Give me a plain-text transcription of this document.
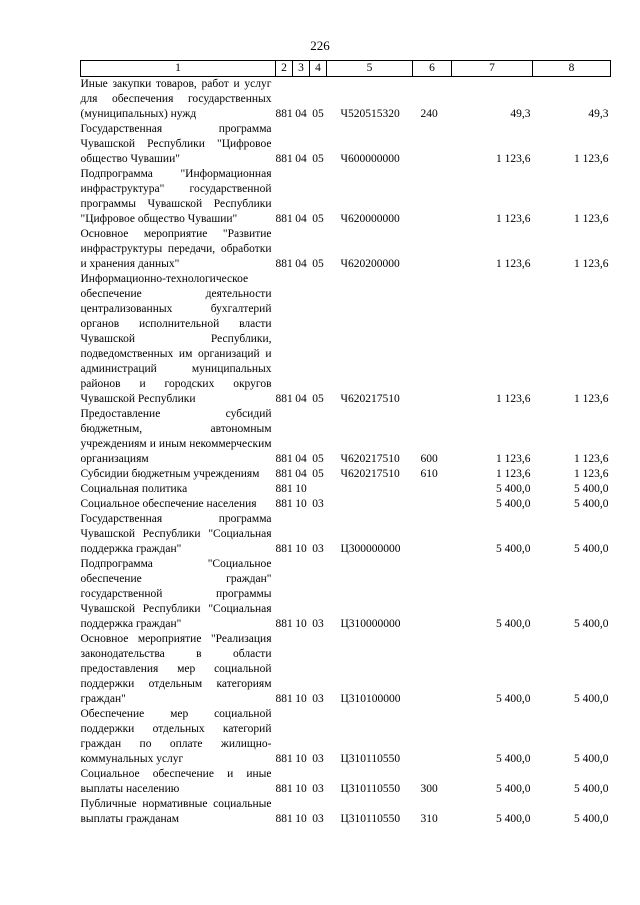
226
1	2	3	4	5	6	7	8
Иные закупки товаров, работ и услуг для обеспечения государственных (муниципальных) нужд	881	04	05	Ч520515320	240	49,3	49,3
Государственная программа Чувашской Республики "Цифровое общество Чувашии"	881	04	05	Ч600000000		1 123,6	1 123,6
Подпрограмма "Информационная инфраструктура" государственной программы Чувашской Республики "Цифровое общество Чувашии"	881	04	05	Ч620000000		1 123,6	1 123,6
Основное мероприятие "Развитие инфраструктуры передачи, обработки и хранения данных"	881	04	05	Ч620200000		1 123,6	1 123,6
Информационно-технологическое обеспечение деятельности централизованных бухгалтерий органов исполнительной власти Чувашской Республики, подведомственных им организаций и администраций муниципальных районов и городских округов Чувашской Республики	881	04	05	Ч620217510		1 123,6	1 123,6
Предоставление субсидий бюджетным, автономным учреждениям и иным некоммерческим организациям	881	04	05	Ч620217510	600	1 123,6	1 123,6
Субсидии бюджетным учреждениям	881	04	05	Ч620217510	610	1 123,6	1 123,6
Социальная политика	881	10				5 400,0	5 400,0
Социальное обеспечение населения	881	10	03			5 400,0	5 400,0
Государственная программа Чувашской Республики "Социальная поддержка граждан"	881	10	03	Ц300000000		5 400,0	5 400,0
Подпрограмма "Социальное обеспечение граждан" государственной программы Чувашской Республики "Социальная поддержка граждан"	881	10	03	Ц310000000		5 400,0	5 400,0
Основное мероприятие "Реализация законодательства в области предоставления мер социальной поддержки отдельным категориям граждан"	881	10	03	Ц310100000		5 400,0	5 400,0
Обеспечение мер социальной поддержки отдельных категорий граждан по оплате жилищно-коммунальных услуг	881	10	03	Ц310110550		5 400,0	5 400,0
Социальное обеспечение и иные выплаты населению	881	10	03	Ц310110550	300	5 400,0	5 400,0
Публичные нормативные социальные выплаты гражданам	881	10	03	Ц310110550	310	5 400,0	5 400,0
